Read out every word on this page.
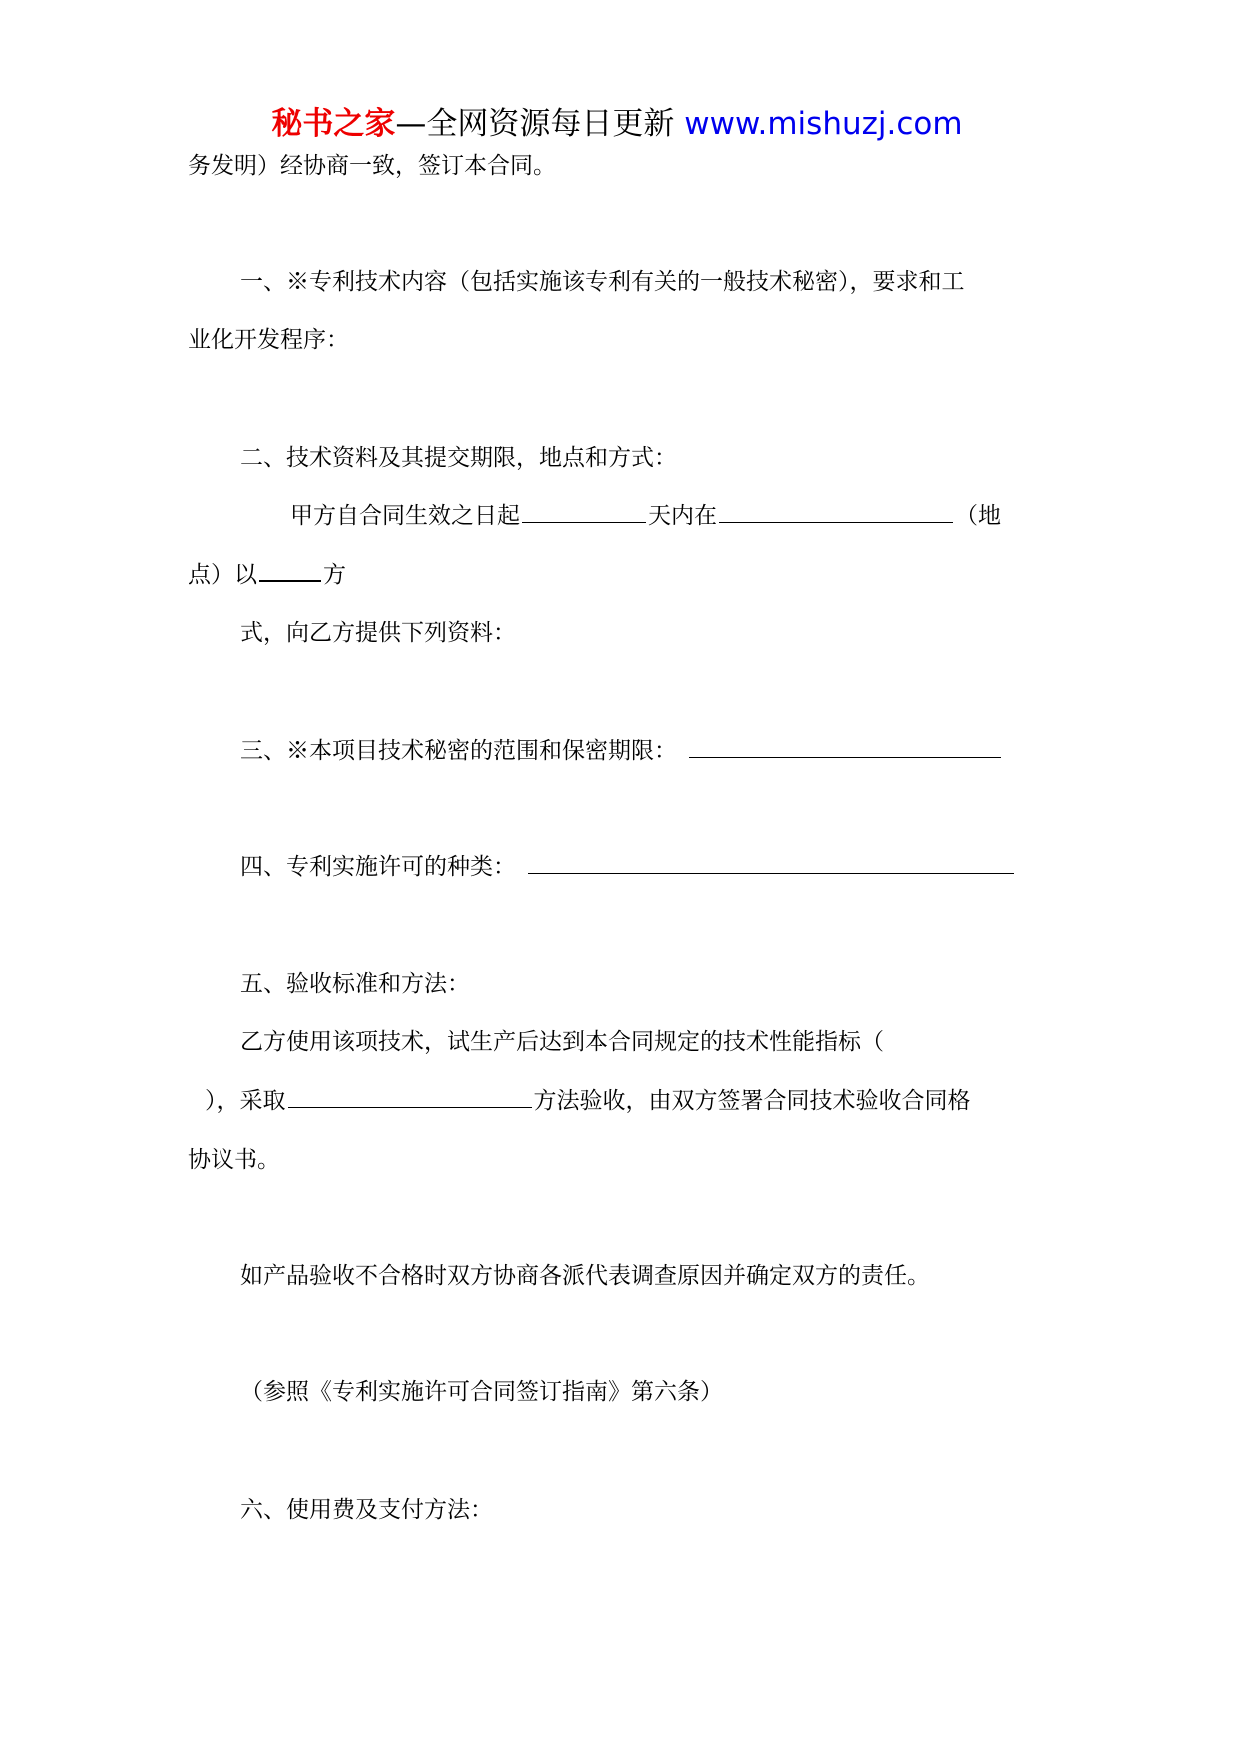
秘书之家—全网资源每日更新 www.mishuzj.com
务发明）经协商一致，签订本合同。
一、※专利技术内容（包括实施该专利有关的一般技术秘密），要求和工
业化开发程序：
二、技术资料及其提交期限，地点和方式：
甲方自合同生效之日起	天内在	（地
点）以	方
式，向乙方提供下列资料：
三、※本项目技术秘密的范围和保密期限：
四、专利实施许可的种类：
五、验收标准和方法：
乙方使用该项技术，试生产后达到本合同规定的技术性能指标（
），采取	方法验收，由双方签署合同技术验收合同格
协议书。
如产品验收不合格时双方协商各派代表调查原因并确定双方的责任。
（参照《专利实施许可合同签订指南》第六条）
六、使用费及支付方法：
